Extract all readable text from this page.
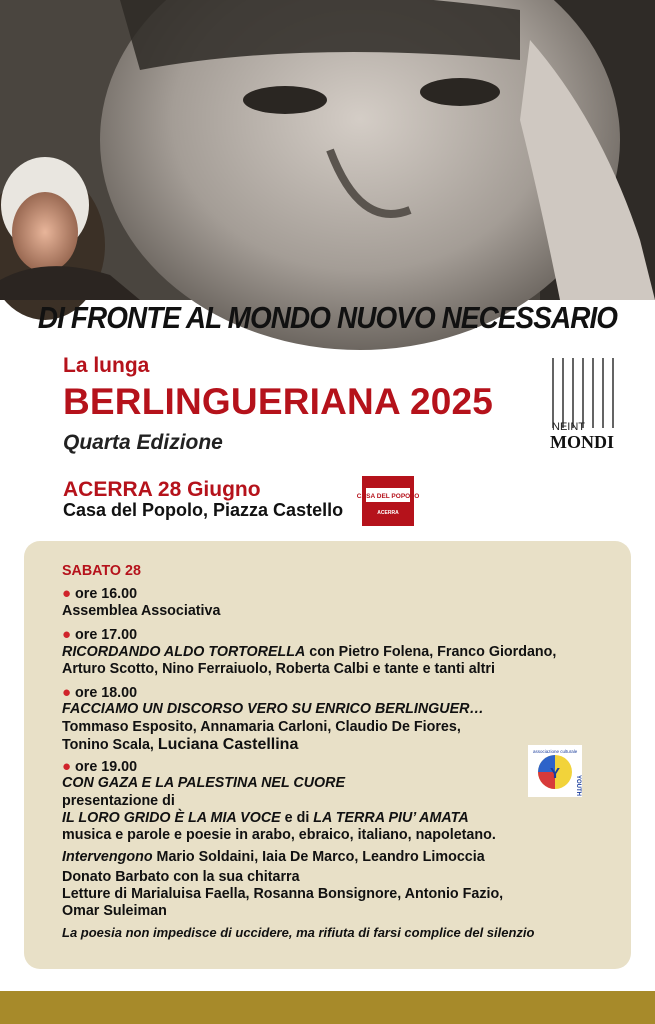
DI FRONTE AL MONDO NUOVO NECESSARIO
La lunga
BERLINGUERIANA 2025
Quarta Edizione
NEINT
MONDI
ACERRA 28 Giugno
Casa del Popolo, Piazza Castello
CASA DEL POPOLO
ACERRA
SABATO 28
● ore 16.00
Assemblea Associativa
● ore 17.00
RICORDANDO ALDO TORTORELLA con Pietro Folena, Franco Giordano,
Arturo Scotto, Nino Ferraiuolo, Roberta Calbi e tante e tanti altri
● ore 18.00
FACCIAMO UN DISCORSO VERO SU ENRICO BERLINGUER…
Tommaso Esposito, Annamaria Carloni, Claudio De Fiores,
Tonino Scala, Luciana Castellina
● ore 19.00
CON GAZA E LA PALESTINA NEL CUORE
presentazione di
IL LORO GRIDO È LA MIA VOCE e di LA TERRA PIU’ AMATA
musica e parole e poesie in arabo, ebraico, italiano, napoletano.
Intervengono Mario Soldaini, Iaia De Marco, Leandro Limoccia
Donato Barbato con la sua chitarra
Letture di Marialuisa Faella, Rosanna Bonsignore, Antonio Fazio,
Omar Suleiman
La poesia non impedisce di uccidere, ma rifiuta di farsi complice del silenzio
Y
YOUTH
associazione culturale
